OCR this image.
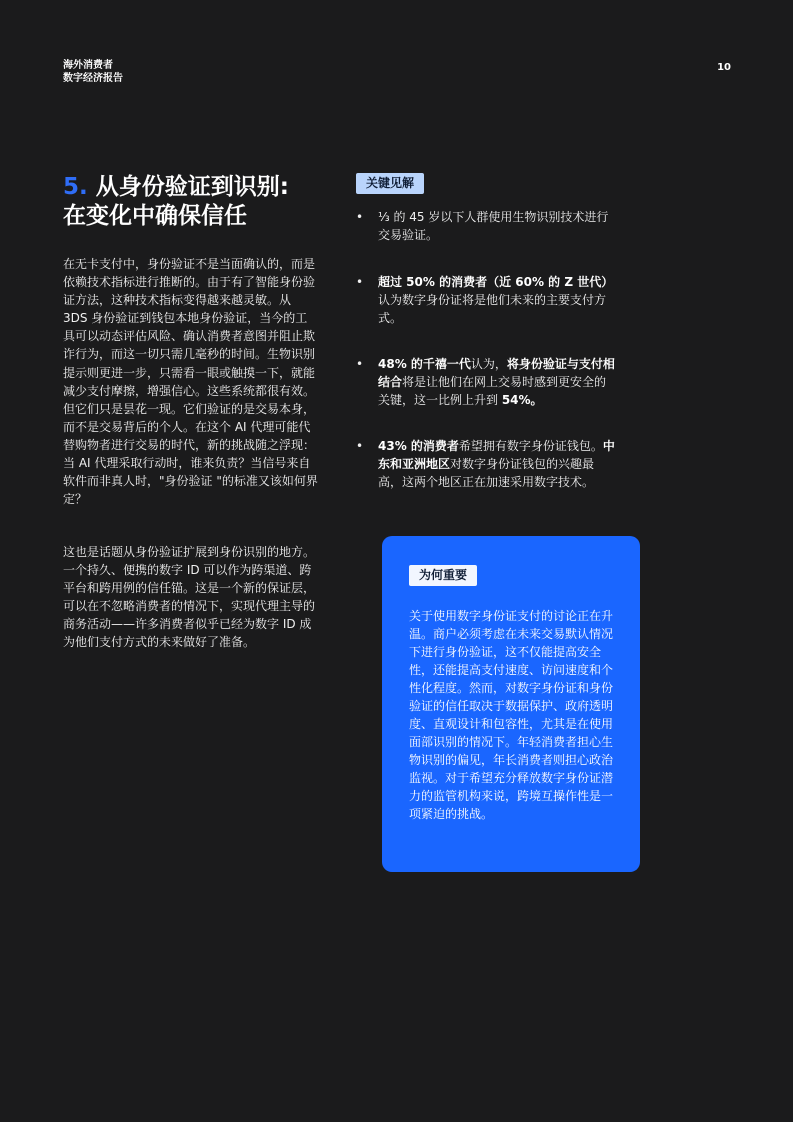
海外消费者
数字经济报告
10
5. 从身份验证到识别:
在变化中确保信任

在无卡支付中，身份验证不是当面确认的，而是依赖技术指标进行推断的。由于有了智能身份验证方法，这种技术指标变得越来越灵敏。从 3DS 身份验证到钱包本地身份验证，当今的工具可以动态评估风险、确认消费者意图并阻止欺诈行为，而这一切只需几毫秒的时间。生物识别提示则更进一步，只需看一眼或触摸一下，就能减少支付摩擦，增强信心。这些系统都很有效。但它们只是昙花一现。它们验证的是交易本身，而不是交易背后的个人。在这个 AI 代理可能代替购物者进行交易的时代，新的挑战随之浮现：当 AI 代理采取行动时，谁来负责？当信号来自软件而非真人时，"身份验证 "的标准又该如何界定？

这也是话题从身份验证扩展到身份识别的地方。一个持久、便携的数字 ID 可以作为跨渠道、跨平台和跨用例的信任锚。这是一个新的保证层，可以在不忽略消费者的情况下，实现代理主导的商务活动——许多消费者似乎已经为数字 ID 成为他们支付方式的未来做好了准备。

关键见解
• ⅓ 的 45 岁以下人群使用生物识别技术进行交易验证。
• 超过 50% 的消费者（近 60% 的 Z 世代）认为数字身份证将是他们未来的主要支付方式。
• 48% 的千禧一代认为，将身份验证与支付相结合将是让他们在网上交易时感到更安全的关键，这一比例上升到 54%。
• 43% 的消费者希望拥有数字身份证钱包。中东和亚洲地区对数字身份证钱包的兴趣最高，这两个地区正在加速采用数字技术。
为何重要

关于使用数字身份证支付的讨论正在升温。商户必须考虑在未来交易默认情况下进行身份验证，这不仅能提高安全性，还能提高支付速度、访问速度和个性化程度。然而，对数字身份证和身份验证的信任取决于数据保护、政府透明度、直观设计和包容性，尤其是在使用面部识别的情况下。年轻消费者担心生物识别的偏见，年长消费者则担心政治监视。对于希望充分释放数字身份证潜力的监管机构来说，跨境互操作性是一项紧迫的挑战。
